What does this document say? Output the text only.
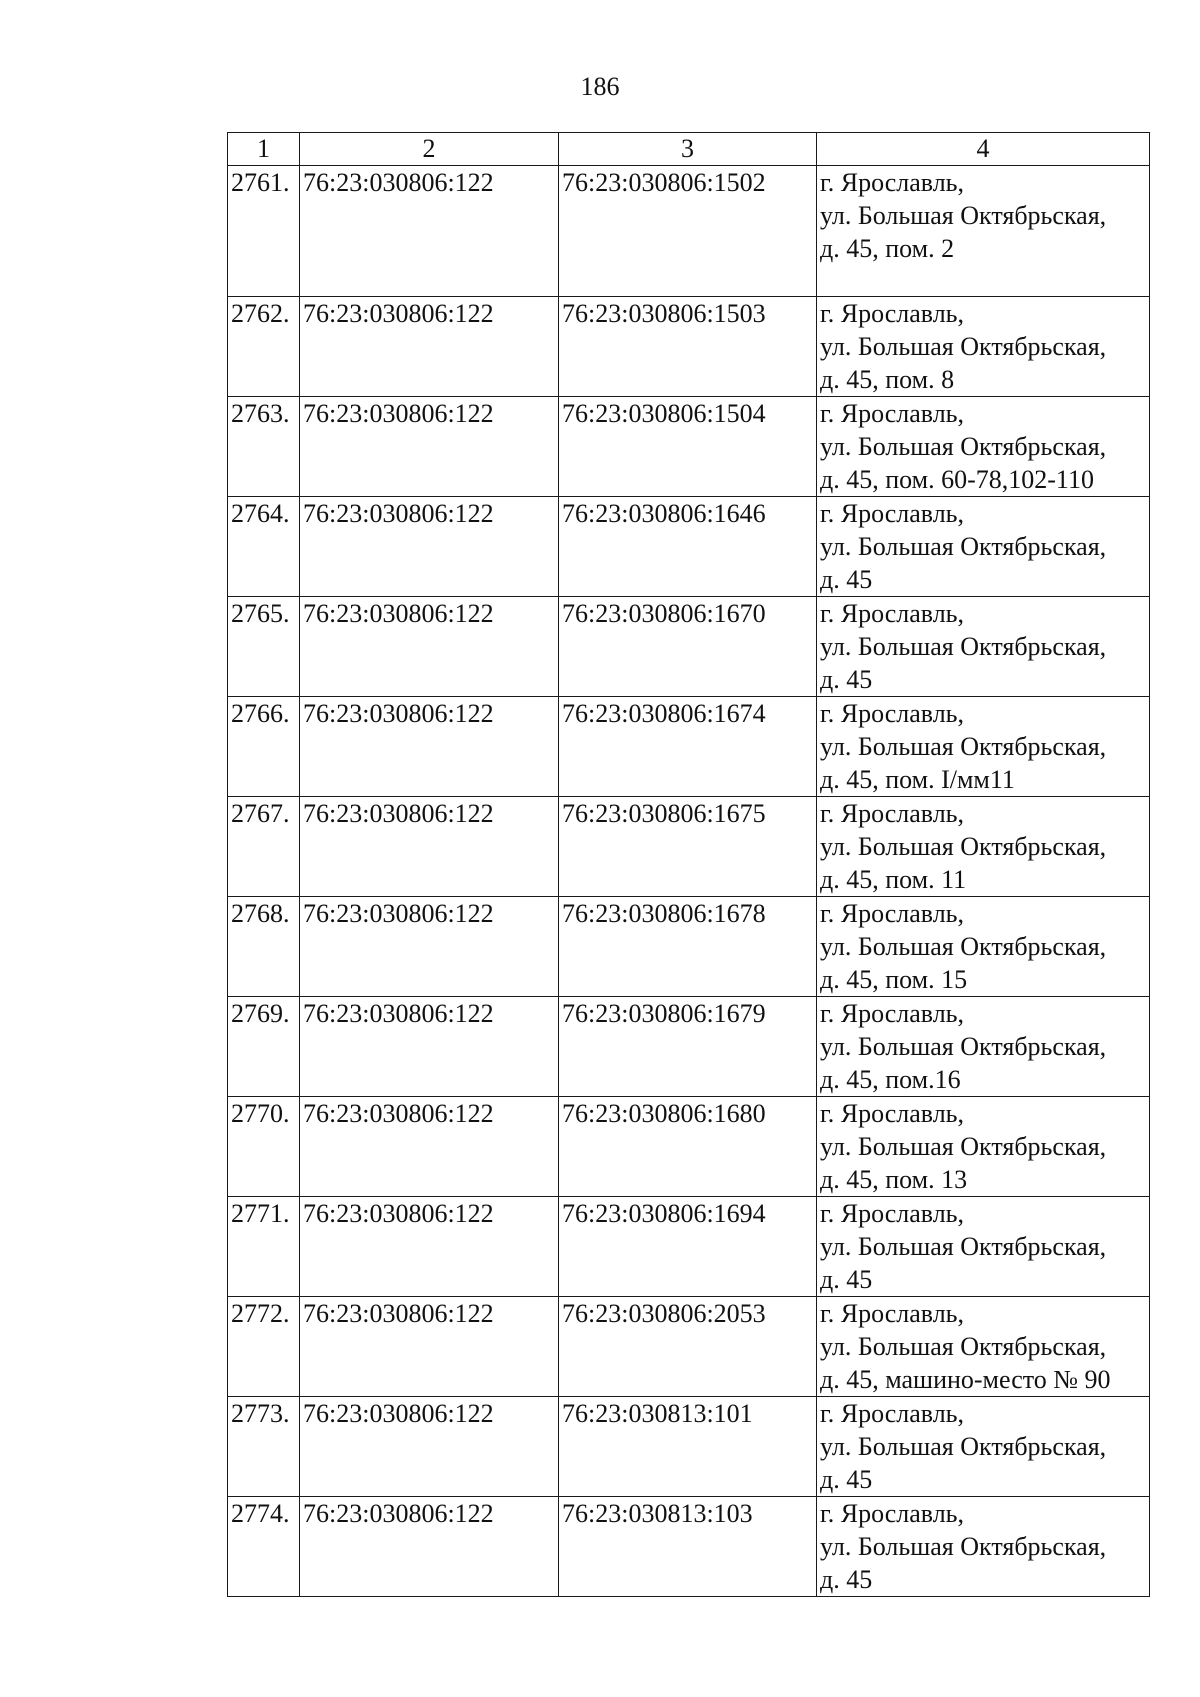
186
1	2	3	4
2761.	76:23:030806:122	76:23:030806:1502	г. Ярославль,
ул. Большая Октябрьская,
д. 45, пом. 2

2762.	76:23:030806:122	76:23:030806:1503	г. Ярославль,
ул. Большая Октябрьская,
д. 45, пом. 8

2763.	76:23:030806:122	76:23:030806:1504	г. Ярославль,
ул. Большая Октябрьская,
д. 45, пом. 60-78,102-110

2764.	76:23:030806:122	76:23:030806:1646	г. Ярославль,
ул. Большая Октябрьская,
д. 45

2765.	76:23:030806:122	76:23:030806:1670	г. Ярославль,
ул. Большая Октябрьская,
д. 45

2766.	76:23:030806:122	76:23:030806:1674	г. Ярославль,
ул. Большая Октябрьская,
д. 45, пом. I/мм11

2767.	76:23:030806:122	76:23:030806:1675	г. Ярославль,
ул. Большая Октябрьская,
д. 45, пом. 11

2768.	76:23:030806:122	76:23:030806:1678	г. Ярославль,
ул. Большая Октябрьская,
д. 45, пом. 15

2769.	76:23:030806:122	76:23:030806:1679	г. Ярославль,
ул. Большая Октябрьская,
д. 45, пом.16

2770.	76:23:030806:122	76:23:030806:1680	г. Ярославль,
ул. Большая Октябрьская,
д. 45, пом. 13

2771.	76:23:030806:122	76:23:030806:1694	г. Ярославль,
ул. Большая Октябрьская,
д. 45

2772.	76:23:030806:122	76:23:030806:2053	г. Ярославль,
ул. Большая Октябрьская,
д. 45, машино-место № 90

2773.	76:23:030806:122	76:23:030813:101	г. Ярославль,
ул. Большая Октябрьская,
д. 45

2774.	76:23:030806:122	76:23:030813:103	г. Ярославль,
ул. Большая Октябрьская,
д. 45
